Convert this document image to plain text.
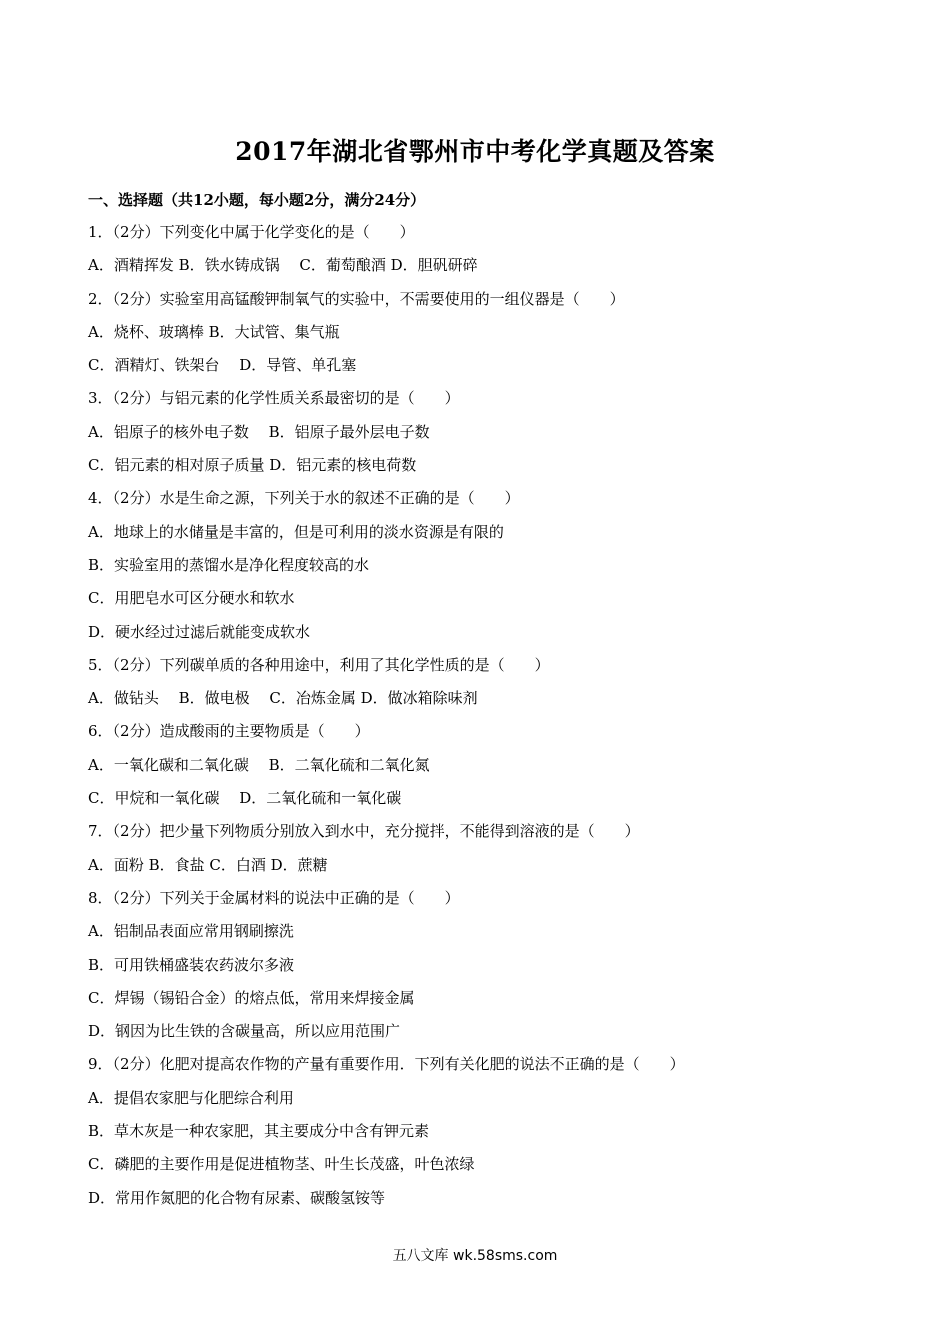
2017年湖北省鄂州市中考化学真题及答案
一、选择题（共12小题，每小题2分，满分24分）
1．（2分）下列变化中属于化学变化的是（　　）
A．酒精挥发 B．铁水铸成锅　 C．葡萄酿酒 D．胆矾研碎
2．（2分）实验室用高锰酸钾制氧气的实验中，不需要使用的一组仪器是（　　）
A．烧杯、玻璃棒 B．大试管、集气瓶
C．酒精灯、铁架台　 D．导管、单孔塞
3．（2分）与铝元素的化学性质关系最密切的是（　　）
A．铝原子的核外电子数　 B．铝原子最外层电子数
C．铝元素的相对原子质量 D．铝元素的核电荷数
4．（2分）水是生命之源，下列关于水的叙述不正确的是（　　）
A．地球上的水储量是丰富的，但是可利用的淡水资源是有限的
B．实验室用的蒸馏水是净化程度较高的水
C．用肥皂水可区分硬水和软水
D．硬水经过过滤后就能变成软水
5．（2分）下列碳单质的各种用途中，利用了其化学性质的是（　　）
A．做钻头　 B．做电极　 C．冶炼金属 D．做冰箱除味剂
6．（2分）造成酸雨的主要物质是（　　）
A．一氧化碳和二氧化碳　 B．二氧化硫和二氧化氮
C．甲烷和一氧化碳　 D．二氧化硫和一氧化碳
7．（2分）把少量下列物质分别放入到水中，充分搅拌，不能得到溶液的是（　　）
A．面粉 B．食盐 C．白酒 D．蔗糖
8．（2分）下列关于金属材料的说法中正确的是（　　）
A．铝制品表面应常用钢刷擦洗
B．可用铁桶盛装农药波尔多液
C．焊锡（锡铅合金）的熔点低，常用来焊接金属
D．钢因为比生铁的含碳量高，所以应用范围广
9．（2分）化肥对提高农作物的产量有重要作用．下列有关化肥的说法不正确的是（　　）
A．提倡农家肥与化肥综合利用
B．草木灰是一种农家肥，其主要成分中含有钾元素
C．磷肥的主要作用是促进植物茎、叶生长茂盛，叶色浓绿
D．常用作氮肥的化合物有尿素、碳酸氢铵等
五八文库 wk.58sms.com
